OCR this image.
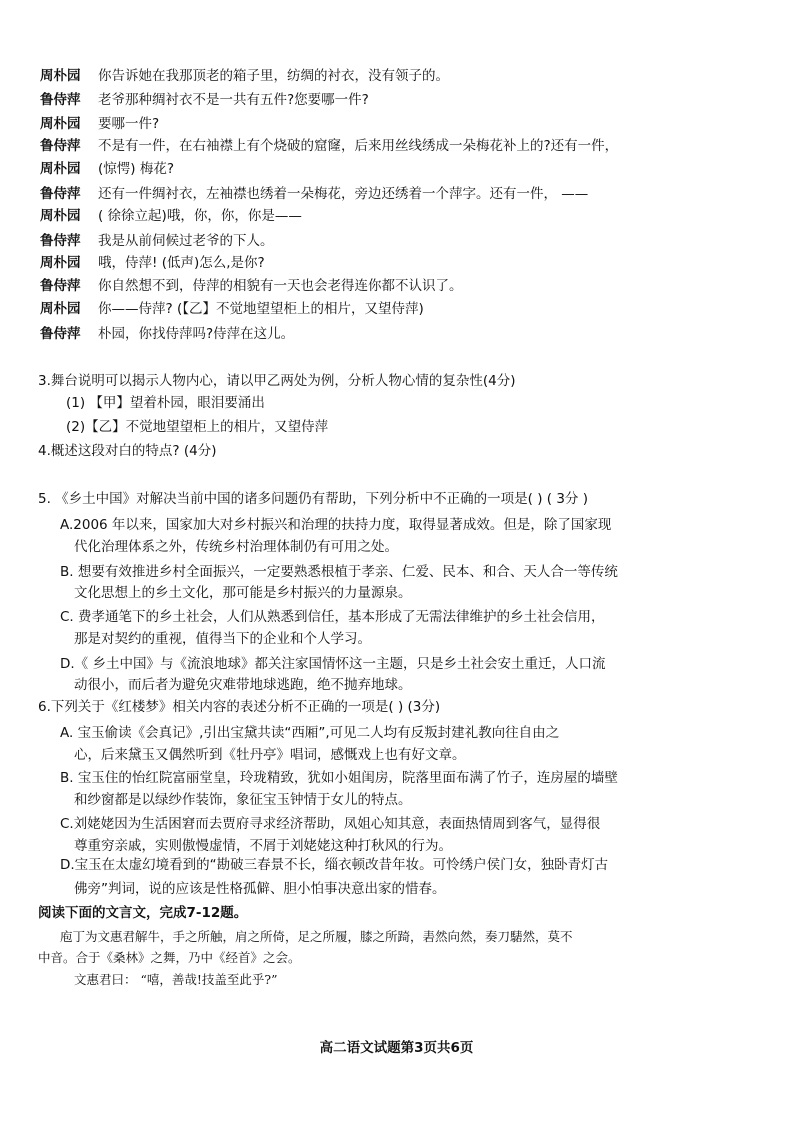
周朴园 你告诉她在我那顶老的箱子里，纺绸的衬衣，没有领子的。
鲁侍萍 老爷那种绸衬衣不是一共有五件?您要哪一件?
周朴园 要哪一件?
鲁侍萍 不是有一件，在右袖襟上有个烧破的窟窿，后来用丝线绣成一朵梅花补上的?还有一件，
周朴园 (惊愕) 梅花?
鲁侍萍 还有一件绸衬衣，左袖襟也绣着一朵梅花，旁边还绣着一个萍字。还有一件， ——
周朴园 ( 徐徐立起)哦，你，你，你是——
鲁侍萍 我是从前伺候过老爷的下人。
周朴园 哦，侍萍! (低声)怎么,是你?
鲁侍萍 你自然想不到，侍萍的相貌有一天也会老得连你都不认识了。
周朴园 你——侍萍? (【乙】不觉地望望柜上的相片，又望侍萍)
鲁侍萍 朴园，你找侍萍吗?侍萍在这儿。
3.舞台说明可以揭示人物内心，请以甲乙两处为例，分析人物心情的复杂性(4分)
(1) 【甲】望着朴园，眼泪要涌出
(2)【乙】不觉地望望柜上的相片，又望侍萍
4.概述这段对白的特点? (4分)
5. 《乡土中国》对解决当前中国的诸多问题仍有帮助，下列分析中不正确的一项是( ) ( 3分 )
A.2006 年以来，国家加大对乡村振兴和治理的扶持力度，取得显著成效。但是，除了国家现
代化治理体系之外，传统乡村治理体制仍有可用之处。
B. 想要有效推进乡村全面振兴，一定要熟悉根植于孝亲、仁爱、民本、和合、天人合一等传统
文化思想上的乡土文化，那可能是乡村振兴的力量源泉。
C. 费孝通笔下的乡土社会，人们从熟悉到信任，基本形成了无需法律维护的乡土社会信用，
那是对契约的重视，值得当下的企业和个人学习。
D.《 乡土中国》与《流浪地球》都关注家国情怀这一主题，只是乡土社会安土重迁，人口流
动很小，而后者为避免灾难带地球逃跑，绝不抛弃地球。
6.下列关于《红楼梦》相关内容的表述分析不正确的一项是( ) (3分)
A. 宝玉偷读《会真记》,引出宝黛共读“西厢”,可见二人均有反叛封建礼教向往自由之
心，后来黛玉又偶然听到《牡丹亭》唱词，感慨戏上也有好文章。
B. 宝玉住的怡红院富丽堂皇，玲珑精致，犹如小姐闺房，院落里面布满了竹子，连房屋的墙壁
和纱窗都是以绿纱作装饰，象征宝玉钟情于女儿的特点。
C.刘姥姥因为生活困窘而去贾府寻求经济帮助，凤姐心知其意，表面热情周到客气，显得很
尊重穷亲戚，实则傲慢虚情，不屑于刘姥姥这种打秋风的行为。
D.宝玉在太虚幻境看到的“勘破三春景不长，缁衣顿改昔年妆。可怜绣户侯门女，独卧青灯古
佛旁”判词，说的应该是性格孤僻、胆小怕事决意出家的惜春。
阅读下面的文言文，完成7-12题。
庖丁为文惠君解牛，手之所触，肩之所倚，足之所履，膝之所踦，砉然向然，奏刀騞然，莫不
中音。合于《桑林》之舞，乃中《经首》之会。
文惠君曰： “嘻，善哉!技盖至此乎?”
高二语文试题第3页共6页
